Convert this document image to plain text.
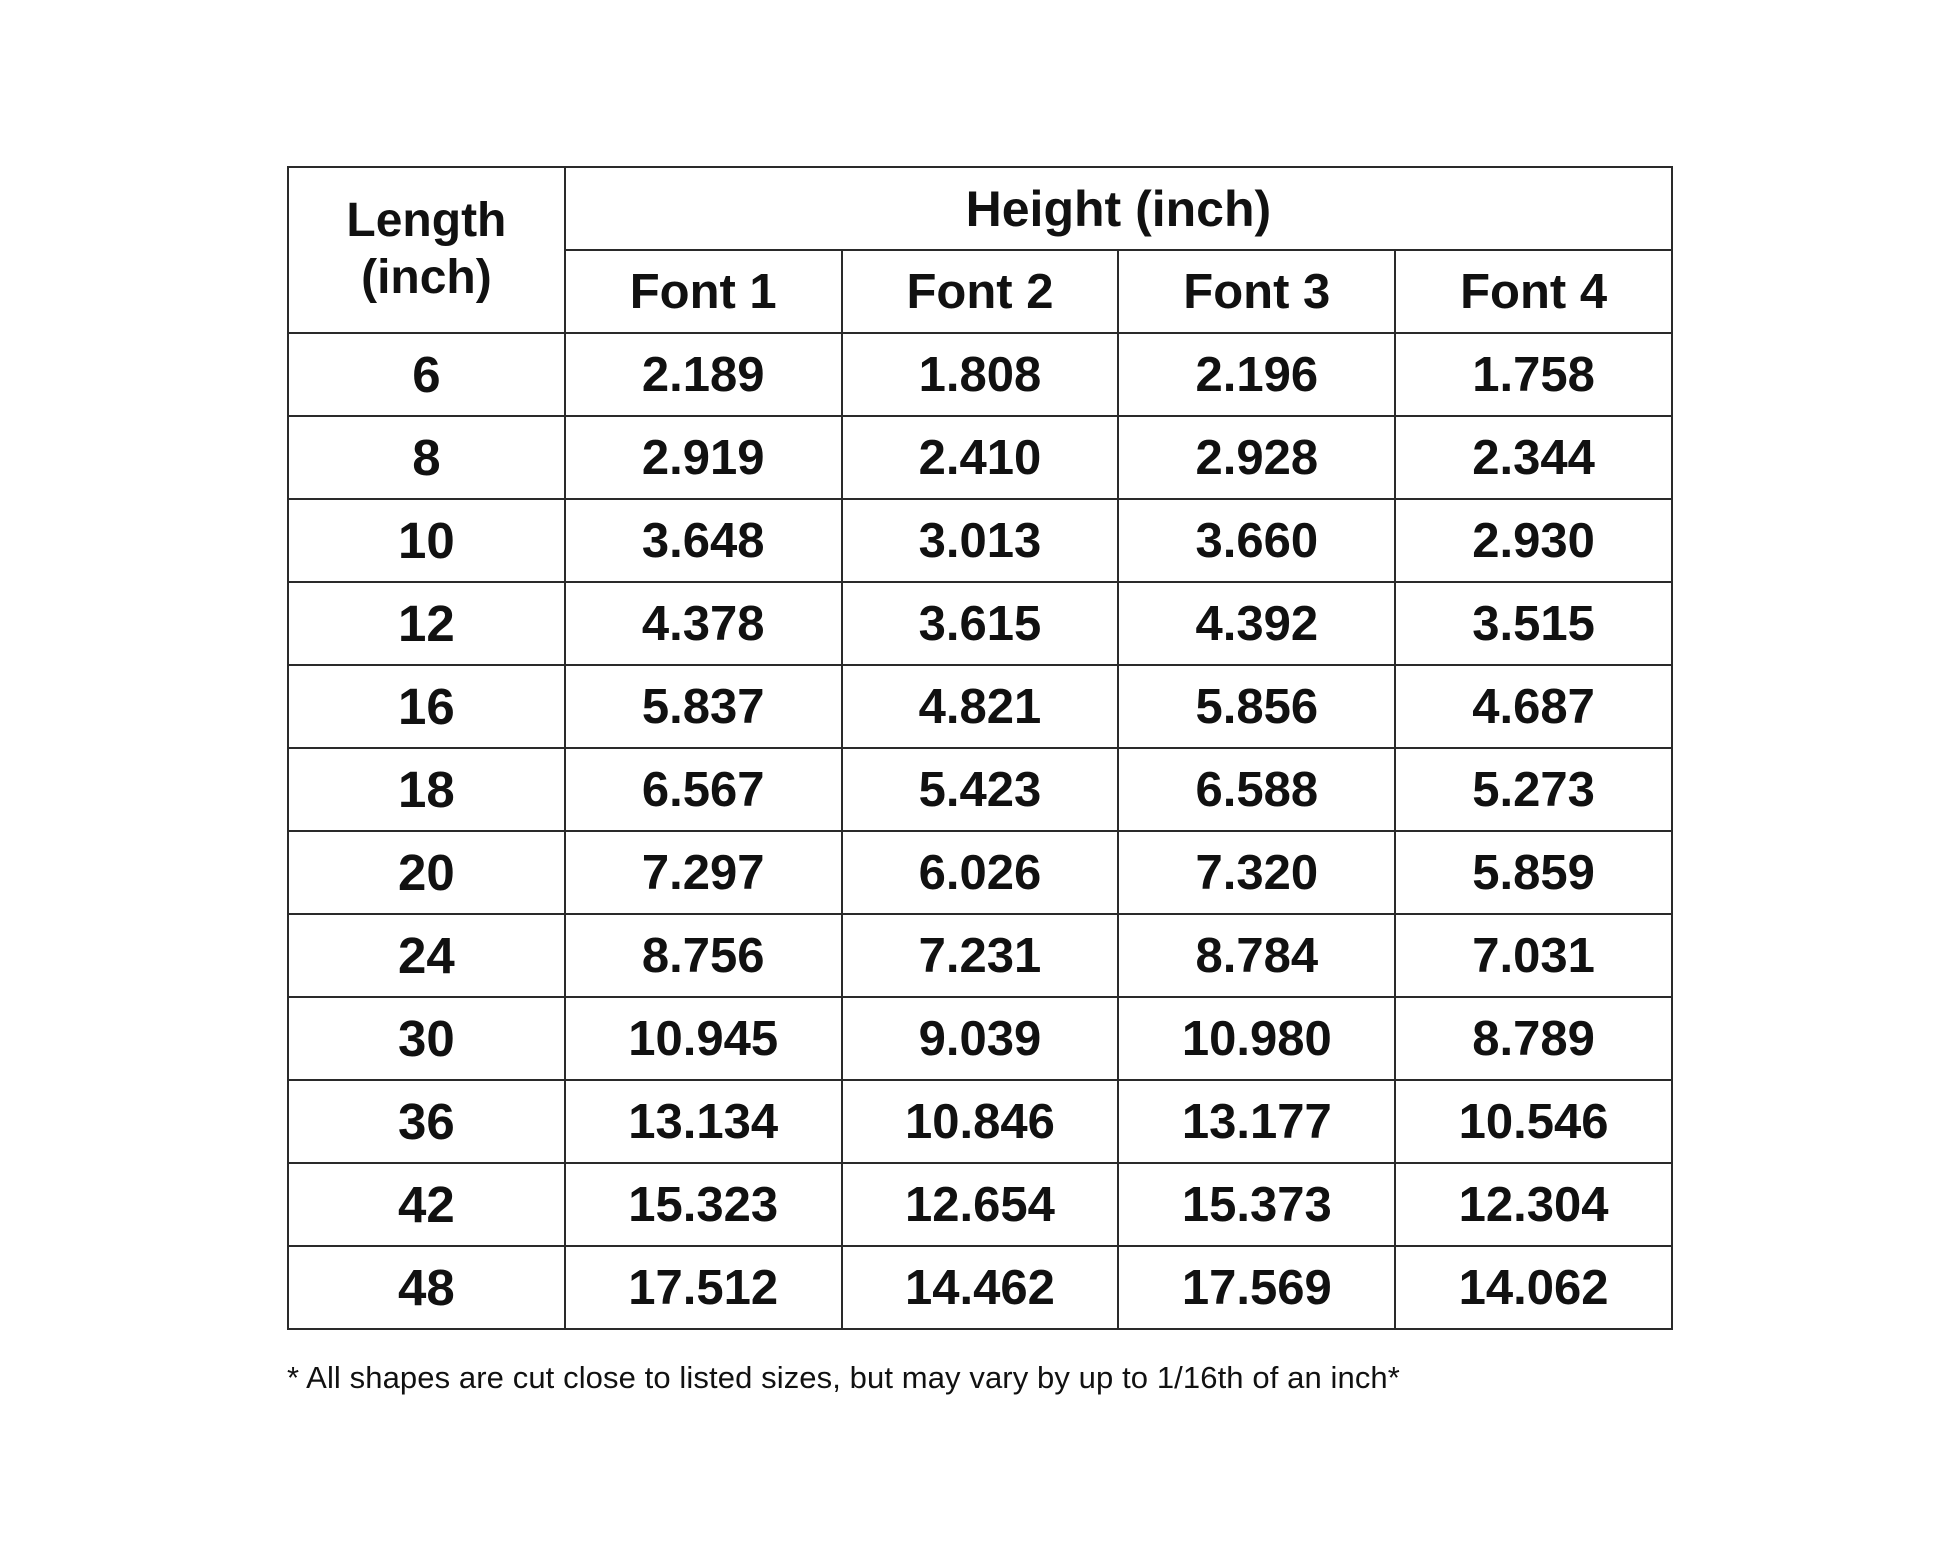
Length
(inch)	Height (inch)			
	Font 1	Font 2	Font 3	Font 4
6	2.189	1.808	2.196	1.758
8	2.919	2.410	2.928	2.344
10	3.648	3.013	3.660	2.930
12	4.378	3.615	4.392	3.515
16	5.837	4.821	5.856	4.687
18	6.567	5.423	6.588	5.273
20	7.297	6.026	7.320	5.859
24	8.756	7.231	8.784	7.031
30	10.945	9.039	10.980	8.789
36	13.134	10.846	13.177	10.546
42	15.323	12.654	15.373	12.304
48	17.512	14.462	17.569	14.062
* All shapes are cut close to listed sizes, but may vary by up to 1/16th of an inch*
